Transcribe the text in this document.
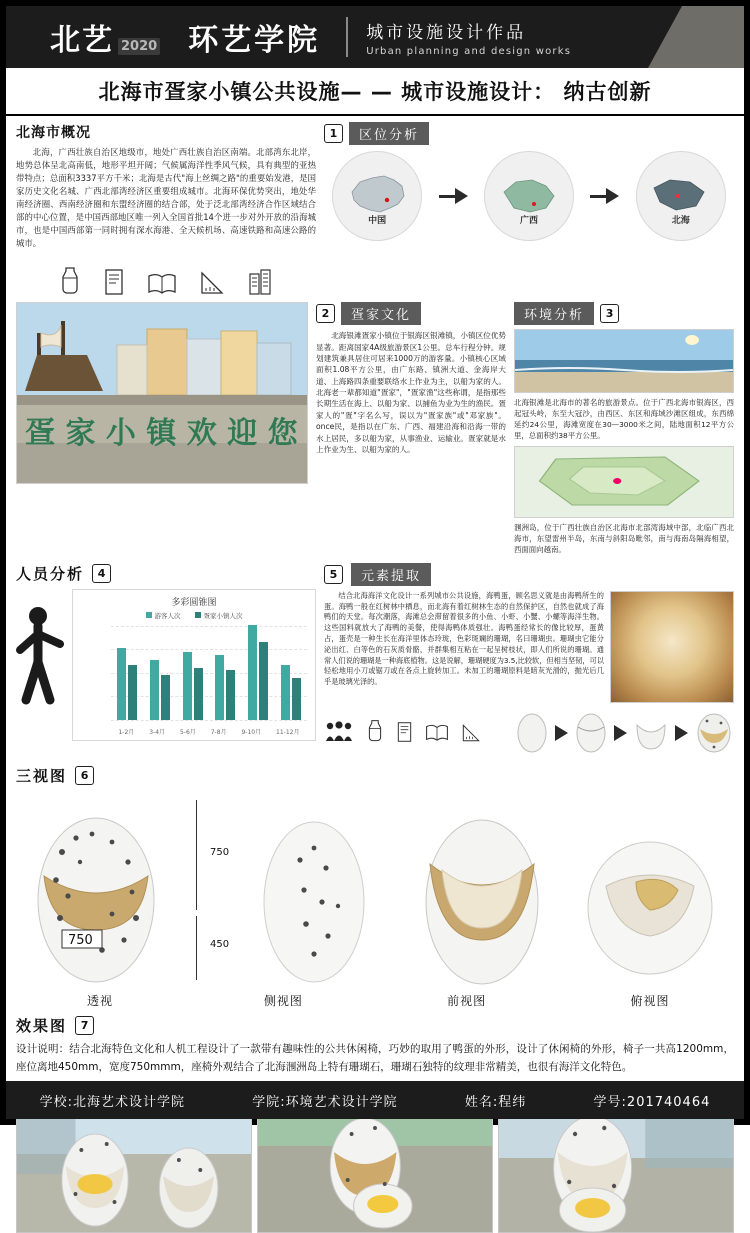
北艺 2020 环艺学院	城市设施设计作品
Urban planning and design works
北海市疍家小镇公共设施— — 城市设施设计： 纳古创新
北海市概况

北海，广西壮族自治区地级市，地处广西壮族自治区南端。北部湾东北岸，地势总体呈北高南低，地形平坦开阔；气候属海洋性季风气候，具有典型的亚热带特点；总面积3337平方千米；北海是古代"海上丝绸之路"的重要始发港，是国家历史文化名城、广西北部湾经济区重要组成城市。北海环保优势突出，地处华南经济圈、西南经济圈和东盟经济圈的结合部，处于泛北部湾经济合作区域结合部的中心位置，是中国西部地区唯一列入全国首批14个进一步对外开放的沿海城市，也是中国西部第一同时拥有深水海港、全天候机场、高速铁路和高速公路的城市。

1	区位分析
中国	广西	北海
疍 家 小 镇 欢 迎 您
2	疍家文化
北海银滩疍家小镇位于银海区银滩镇，小镇区位优势显著。距离国家4A级旅游景区1公里。总车行程分钟。规划建筑兼具居住可居来1000万的游客量。小镇核心区域面积1.08平方公里，由广东路、镇洲大道、金海岸大道、上海路四条重要联络水上作业为主，以船为家的人。北海老一辈都知道"疍家"，"疍家渔"这些称谓，是指那些长期生活在海上、以船为家、以捕鱼为业为生的渔民。疍家人的"疍"字名么写，误以为"疍家族"或"邓家族"。once民，是指以在广东、广西、福建沿海和沿海一带的水上居民，多以船为家，从事渔业、运输业。疍家就是水上作业为生、以船为家的人。
环境分析	3
北海银滩是北海市的著名的旅游景点。位于广西北海市银海区，西起冠头岭，东至大冠沙，由西区、东区和海域沙滩区组成，东西绵延约24公里，海滩宽度在30—3000米之间，陆地面积12平方公里，总面积约38平方公里。
涠洲岛，位于广西壮族自治区北海市北部湾海域中部，北临广西北海市，东望雷州半岛，东南与斜阳岛毗邻，南与海南岛隔海相望，西面面向越南。
人员分析	4
多彩圆锥图
游客人次	疍家小镇人次
1-2月 3-4月 5-6月 7-8月 9-10月 11-12月
5	元素提取
结合北海海洋文化设计一系列城市公共设施，海鸭蛋，顾名思义就是由海鸭所生的蛋。海鸭一般在红树林中栖息，而北海有着红树林生态的自然保护区，自然也就成了海鸭们的天堂。每次潮落，海滩总会滞留着很多的小鱼、小虾、小蟹、小螺等海洋生物。这些国料就放大了海鸭的美餐，使得海鸭体质强壮。海鸭蛋经常长的像比较厚，蛋黄占，蛋壳是一种生长在海洋里体态玲珑，色彩斑斓的珊瑚，名曰珊瑚虫。珊瑚虫它能分泌出红、白等色的石灰质骨骼，并群集相互粘在一起呈树枝状，即人们所说的珊瑚。通常人们说的珊瑚是一种海底植物。这是说解，珊瑚硬度为3.5,比较软，但相当坚韧，可以轻松地用小刀或锯刀或在各点上旋转加工。未加工的珊瑚原料是暗灰光滑的，抛光后几乎是玻璃光泽的。
三视图	6
750
750
450
透视	侧视图	前视图	俯视图
效果图	7
设计说明：结合北海特色文化和人机工程设计了一款带有趣味性的公共休闲椅，巧妙的取用了鸭蛋的外形，设计了休闲椅的外形，椅子一共高1200mm，座位离地450mm，宽度750mmm，座椅外观结合了北海涠洲岛上特有珊瑚石，珊瑚石独特的纹理非常精美，也很有海洋文化特色。
学校:北海艺术设计学院	学院:环境艺术设计学院	姓名:程纬	学号:201740464
